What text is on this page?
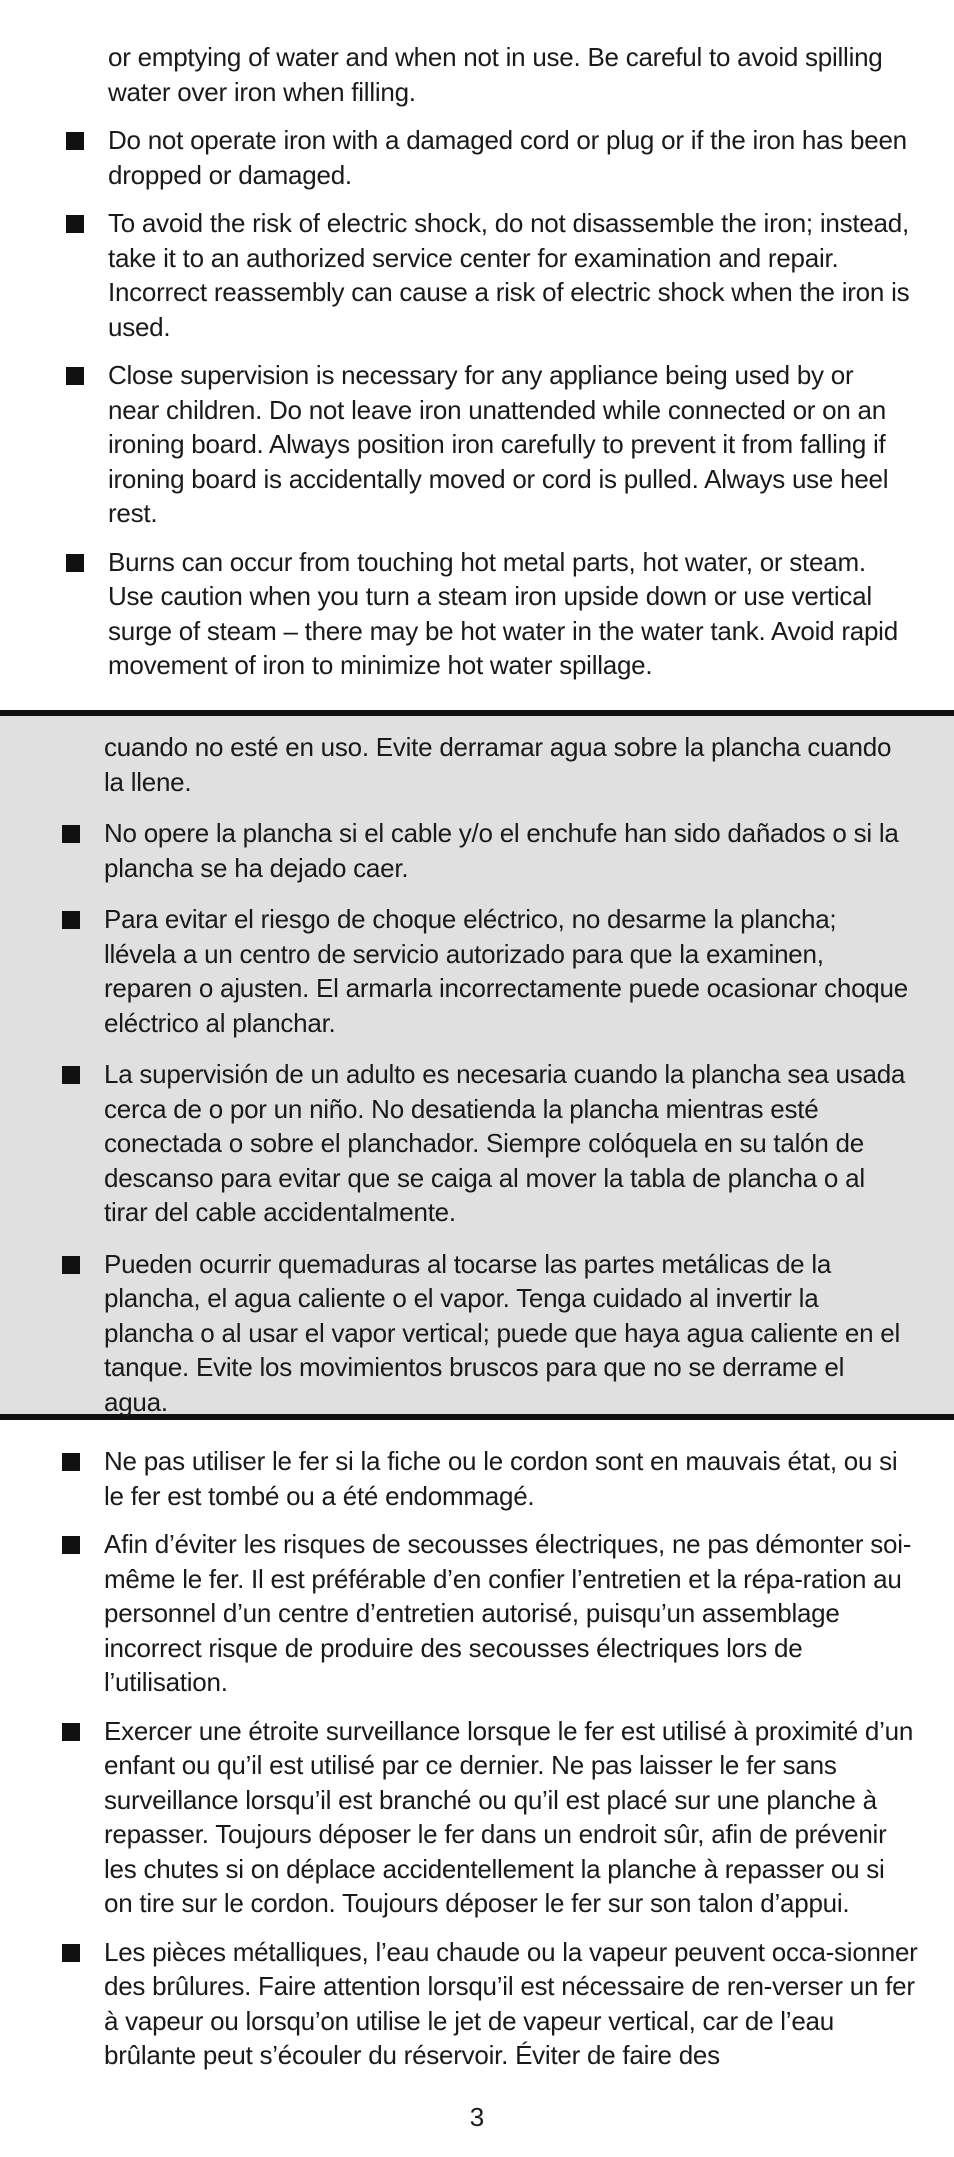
or emptying of water and when not in use. Be careful to avoid spilling water over iron when filling.

Do not operate iron with a damaged cord or plug or if the iron has been dropped or damaged.
To avoid the risk of electric shock, do not disassemble the iron; instead, take it to an authorized service center for examination and repair. Incorrect reassembly can cause a risk of electric shock when the iron is used.
Close supervision is necessary for any appliance being used by or near children. Do not leave iron unattended while connected or on an ironing board. Always position iron carefully to prevent it from falling if ironing board is accidentally moved or cord is pulled. Always use heel rest.
Burns can occur from touching hot metal parts, hot water, or steam. Use caution when you turn a steam iron upside down or use vertical surge of steam – there may be hot water in the water tank. Avoid rapid movement of iron to minimize hot water spillage.

cuando no esté en uso. Evite derramar agua sobre la plancha cuando la llene.

No opere la plancha si el cable y/o el enchufe han sido dañados o si la plancha se ha dejado caer.
Para evitar el riesgo de choque eléctrico, no desarme la plancha; llévela a un centro de servicio autorizado para que la examinen, reparen o ajusten. El armarla incorrectamente puede ocasionar choque eléctrico al planchar.
La supervisión de un adulto es necesaria cuando la plancha sea usada cerca de o por un niño. No desatienda la plancha mientras esté conectada o sobre el planchador. Siempre colóquela en su talón de descanso para evitar que se caiga al mover la tabla de plancha o al tirar del cable accidentalmente.
Pueden ocurrir quemaduras al tocarse las partes metálicas de la plancha, el agua caliente o el vapor. Tenga cuidado al invertir la plancha o al usar el vapor vertical; puede que haya agua caliente en el tanque. Evite los movimientos bruscos para que no se derrame el agua.
Ne pas utiliser le fer si la fiche ou le cordon sont en mauvais état, ou si le fer est tombé ou a été endommagé.
Afin d’éviter les risques de secousses électriques, ne pas démonter soi-même le fer. Il est préférable d’en confier l’entretien et la répa-ration au personnel d’un centre d’entretien autorisé, puisqu’un assemblage incorrect risque de produire des secousses électriques lors de l’utilisation.
Exercer une étroite surveillance lorsque le fer est utilisé à proximité d’un enfant ou qu’il est utilisé par ce dernier. Ne pas laisser le fer sans surveillance lorsqu’il est branché ou qu’il est placé sur une planche à repasser. Toujours déposer le fer dans un endroit sûr, afin de prévenir les chutes si on déplace accidentellement la planche à repasser ou si on tire sur le cordon. Toujours déposer le fer sur son talon d’appui.
Les pièces métalliques, l’eau chaude ou la vapeur peuvent occa-sionner des brûlures. Faire attention lorsqu’il est nécessaire de ren-verser un fer à vapeur ou lorsqu’on utilise le jet de vapeur vertical, car de l’eau brûlante peut s’écouler du réservoir. Éviter de faire des
3
